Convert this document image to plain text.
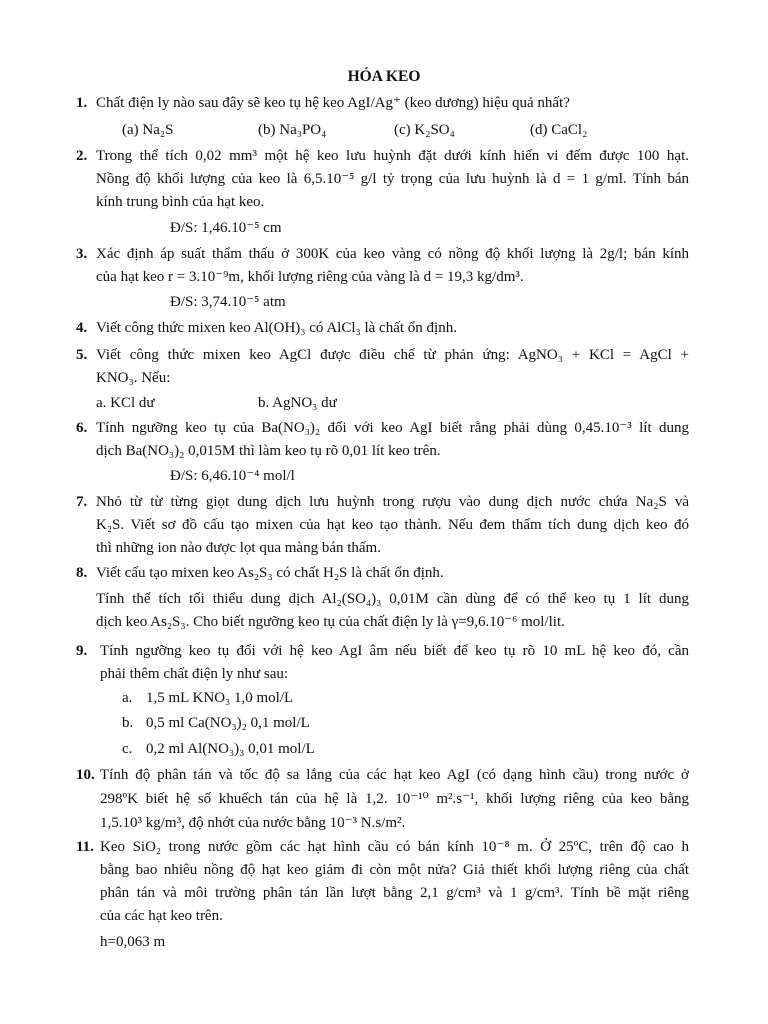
HÓA KEO
1. Chất điện ly nào sau đây sẽ keo tụ hệ keo AgI/Ag⁺ (keo dương) hiệu quả nhất?
(a) Na₂S	(b) Na₃PO₄	(c) K₂SO₄	(d) CaCl₂
2. Trong thể tích 0,02 mm³ một hệ keo lưu huỳnh đặt dưới kính hiển vi đếm được 100 hạt.
Nồng độ khối lượng của keo là 6,5.10⁻⁵ g/l tỷ trọng của lưu huỳnh là d = 1 g/ml. Tính bán
kính trung bình của hạt keo.
Đ/S: 1,46.10⁻⁵ cm
3. Xác định áp suất thẩm thấu ở 300K của keo vàng có nồng độ khối lượng là 2g/l; bán kính
của hạt keo r = 3.10⁻⁹m, khối lượng riêng của vàng là d = 19,3 kg/dm³.
Đ/S: 3,74.10⁻⁵ atm
4. Viết công thức mixen keo Al(OH)₃ có AlCl₃ là chất ổn định.
5. Viết công thức mixen keo AgCl được điều chế từ phản ứng: AgNO₃ + KCl = AgCl +
KNO₃. Nếu:
a. KCl dư	b. AgNO₃ dư
6. Tính ngưỡng keo tụ của Ba(NO₃)₂ đối với keo AgI biết rằng phải dùng 0,45.10⁻³ lít dung
dịch Ba(NO₃)₂ 0,015M thì làm keo tụ rõ 0,01 lít keo trên.
Đ/S: 6,46.10⁻⁴ mol/l
7. Nhỏ từ từ từng giọt dung dịch lưu huỳnh trong rượu vào dung dịch nước chứa Na₂S và
K₂S. Viết sơ đồ cấu tạo mixen của hạt keo tạo thành. Nếu đem thẩm tích dung dịch keo đó
thì những ion nào được lọt qua màng bán thấm.
8. Viết cấu tạo mixen keo As₂S₃ có chất H₂S là chất ổn định.
Tính thể tích tối thiểu dung dịch Al₂(SO₄)₃ 0,01M cần dùng để có thể keo tụ 1 lít dung
dịch keo As₂S₃. Cho biết ngưỡng keo tụ của chất điện ly là γ=9,6.10⁻⁶ mol/lit.
9. Tính ngưỡng keo tụ đối với hệ keo AgI âm nếu biết để keo tụ rõ 10 mL hệ keo đó, cần
phải thêm chất điện ly như sau:
a. 1,5 mL KNO₃ 1,0 mol/L
b. 0,5 ml Ca(NO₃)₂ 0,1 mol/L
c. 0,2 ml Al(NO₃)₃ 0,01 mol/L
10. Tính độ phân tán và tốc độ sa lắng của các hạt keo AgI (có dạng hình cầu) trong nước ở
298ºK biết hệ số khuếch tán của hệ là 1,2. 10⁻¹⁰ m².s⁻¹, khối lượng riêng của keo bằng
1,5.10³ kg/m³, độ nhớt của nước bằng 10⁻³ N.s/m².
11. Keo SiO₂ trong nước gồm các hạt hình cầu có bán kính 10⁻⁸ m. Ở 25ºC, trên độ cao h
bằng bao nhiêu nồng độ hạt keo giảm đi còn một nửa? Giả thiết khối lượng riêng của chất
phân tán và môi trường phân tán lần lượt bằng 2,1 g/cm³ và 1 g/cm³. Tính bề mặt riêng
của các hạt keo trên.
h=0,063 m
